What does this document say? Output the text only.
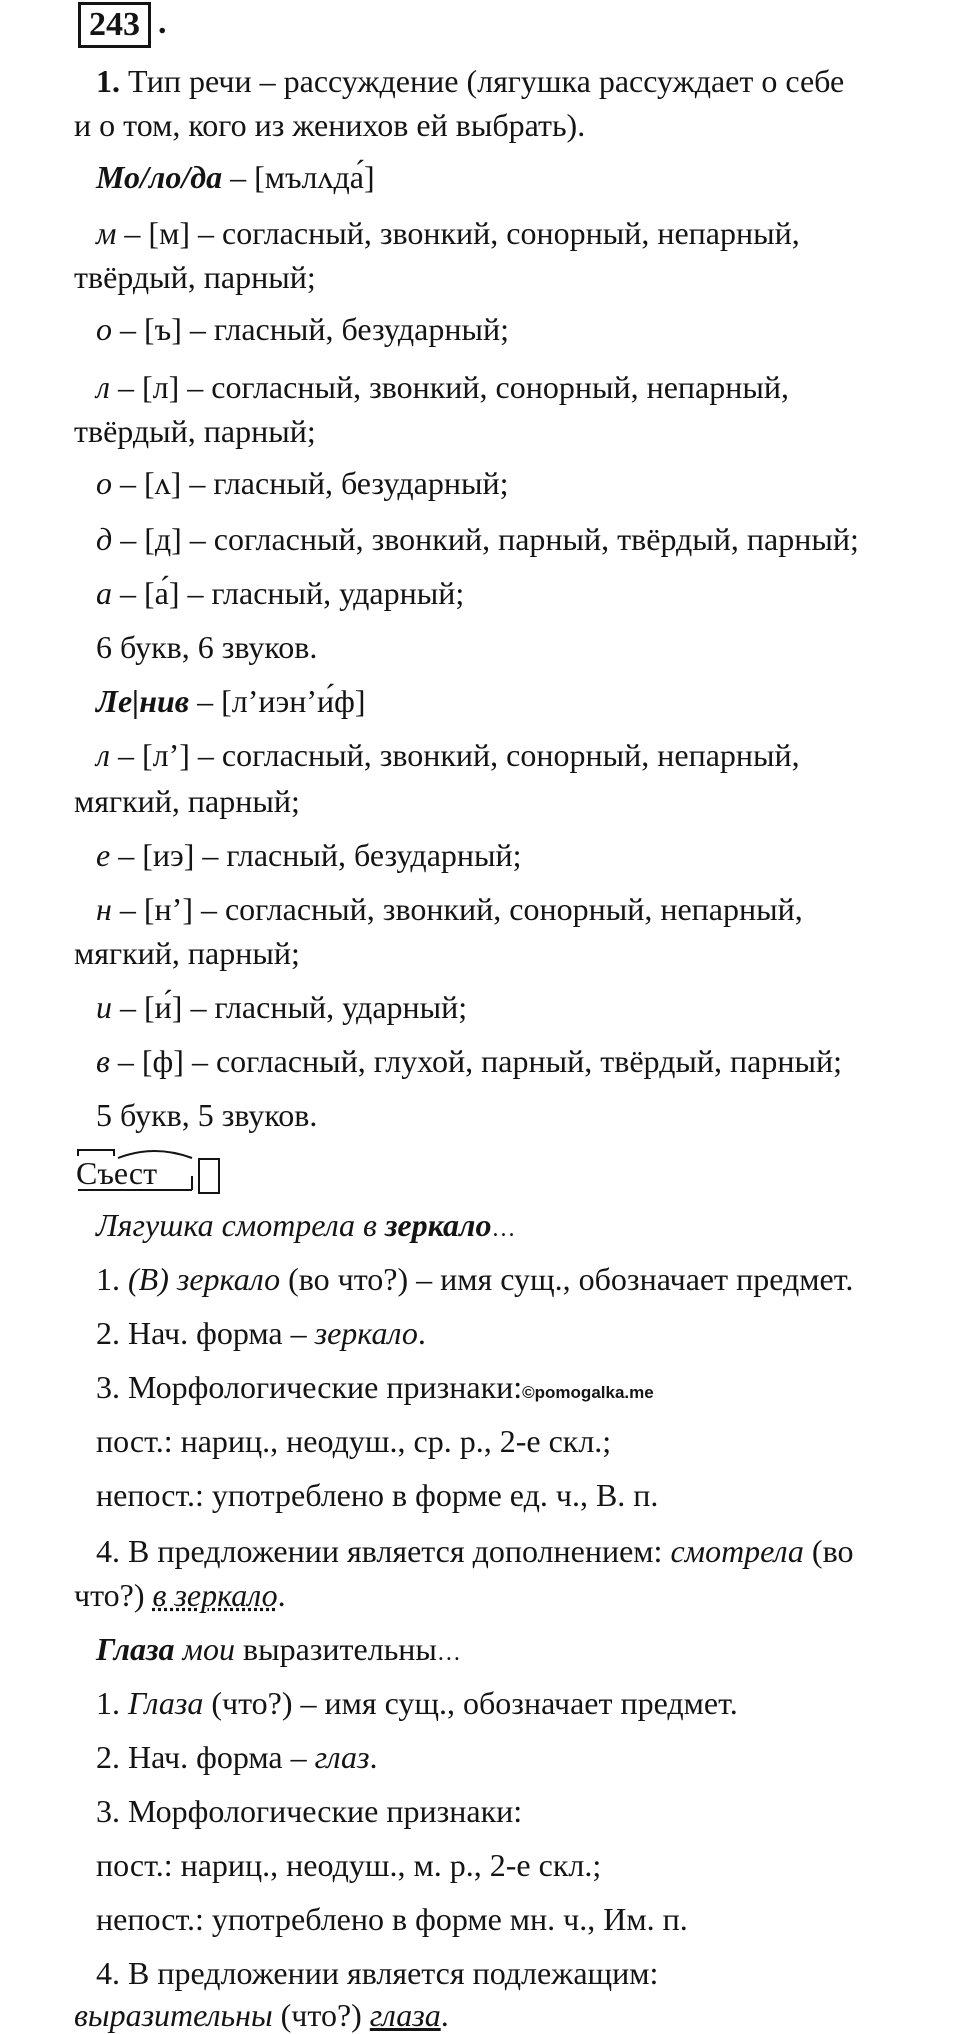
243 .
1. Тип речи – рассуждение (лягушка рассуждает о себе
и о том, кого из женихов ей выбрать).
Мо/ло/да – [мълʌда́]
м – [м] – согласный, звонкий, сонорный, непарный,
твёрдый, парный;
о – [ъ] – гласный, безударный;
л – [л] – согласный, звонкий, сонорный, непарный,
твёрдый, парный;
о – [ʌ] – гласный, безударный;
д – [д] – согласный, звонкий, парный, твёрдый, парный;
а – [а́] – гласный, ударный;
6 букв, 6 звуков.
Ле|нив – [л’иэн’и́ф]
л – [л’] – согласный, звонкий, сонорный, непарный,
мягкий, парный;
е – [иэ] – гласный, безударный;
н – [н’] – согласный, звонкий, сонорный, непарный,
мягкий, парный;
и – [и́] – гласный, ударный;
в – [ф] – согласный, глухой, парный, твёрдый, парный;
5 букв, 5 звуков.
Лягушка смотрела в зеркало…
1. (В) зеркало (во что?) – имя сущ., обозначает предмет.
2. Нач. форма – зеркало.
3. Морфологические признаки:©pomogalka.me
пост.: нариц., неодуш., ср. р., 2-е скл.;
непост.: употреблено в форме ед. ч., В. п.
4. В предложении является дополнением: смотрела (во
что?) в зеркало.
Глаза мои выразительны…
1. Глаза (что?) – имя сущ., обозначает предмет.
2. Нач. форма – глаз.
3. Морфологические признаки:
пост.: нариц., неодуш., м. р., 2-е скл.;
непост.: употреблено в форме мн. ч., Им. п.
4. В предложении является подлежащим:
выразительны (что?) глаза.
Съест
